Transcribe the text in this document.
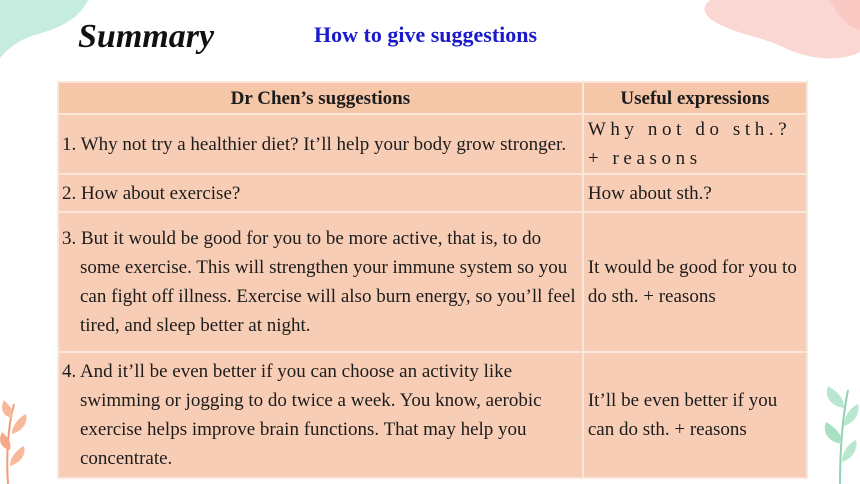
Summary	How to give suggestions
Dr Chen’s suggestions	Useful expressions
1. Why not try a healthier diet? It’ll help your body grow stronger.	Why not do sth.? + reasons
2. How about exercise?	How about sth.?
3. But it would be good for you to be more active, that is, to do some exercise. This will strengthen your immune system so you can fight off illness. Exercise will also burn energy, so you’ll feel tired, and sleep better at night.	It would be good for you to do sth. + reasons
4. And it’ll be even better if you can choose an activity like swimming or jogging to do twice a week. You know, aerobic exercise helps improve brain functions. That may help you concentrate.	It’ll be even better if you can do sth. + reasons
